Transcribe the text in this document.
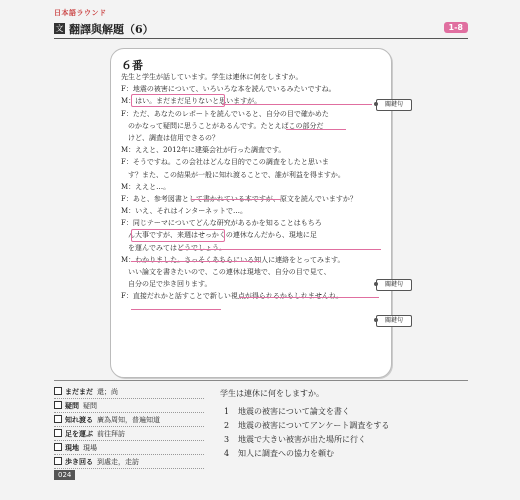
日本語ラウンド
文 翻譯與解題（6）	1-8
６番
先生と学生が話しています。学生は連休に何をしますか。
F：地震の被害について、いろいろな本を読んでいるみたいですね。
M：はい。まだまだ足りないと思いますが。
F：ただ、あなたのレポートを読んでいると、自分の目で確かめた
　のかなって疑問に思うことがあるんです。たとえばこの部分だ
　けど、調査は信用できるの？
M：ええと、2012年に建築会社が行った調査です。
F：そうですね。この会社はどんな目的でこの調査をしたと思いま
　す？また、この結果が一般に知れ渡ることで、誰が利益を得ますか。
M：ええと…。
F：あと、参考図書として書かれている本ですが、原文を読んでいますか？
M：いえ、それはインターネットで…。
F：同じテーマについてどんな研究があるかを知ることはもちろ
　ん大事ですが、来週はせっかくの連休なんだから、現地に足
　を運んでみてはどうでしょう。
M：わかりました。さっそくあちらにいる知人に連絡をとってみます。
　いい論文を書きたいので、この連休は現地で、自分の目で見て、
　自分の足で歩き回ります。
F：直接だれかと話すことで新しい視点が得られるかもしれませんね。
關鍵句
關鍵句
關鍵句
まだまだ 還；尚
疑問 疑問
知れ渡る 廣為周知，普遍知道
足を運ぶ 前往拜訪
現地 現場
歩き回る 到處走，走訪
学生は連休に何をしますか。
1 地震の被害について論文を書く
2 地震の被害についてアンケート調査をする
3 地震で大きい被害が出た場所に行く
4 知人に調査への協力を頼む
024
